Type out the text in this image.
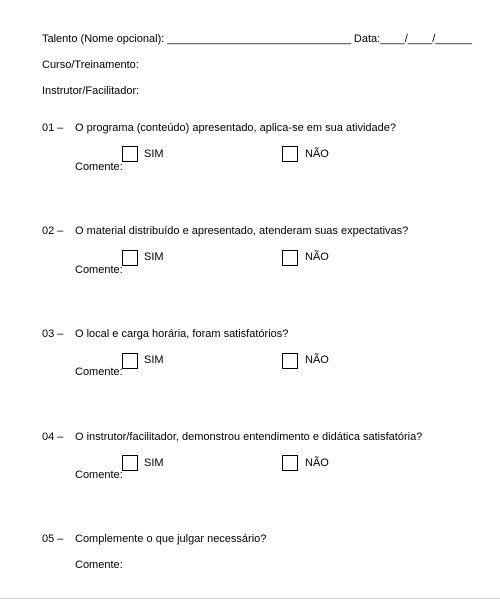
Talento (Nome opcional): ______________________________ Data:____/____/______
Curso/Treinamento:
Instrutor/Facilitador:
01 – O programa (conteúdo) apresentado, aplica-se em sua atividade?
SIM	NÃO
Comente:
02 – O material distribuído e apresentado, atenderam suas expectativas?
SIM	NÃO
Comente:
03 – O local e carga horária, foram satisfatórios?
SIM	NÃO
Comente:
04 – O instrutor/facilitador, demonstrou entendimento e didática satisfatória?
SIM	NÃO
Comente:
05 – Complemente o que julgar necessário?
Comente:
